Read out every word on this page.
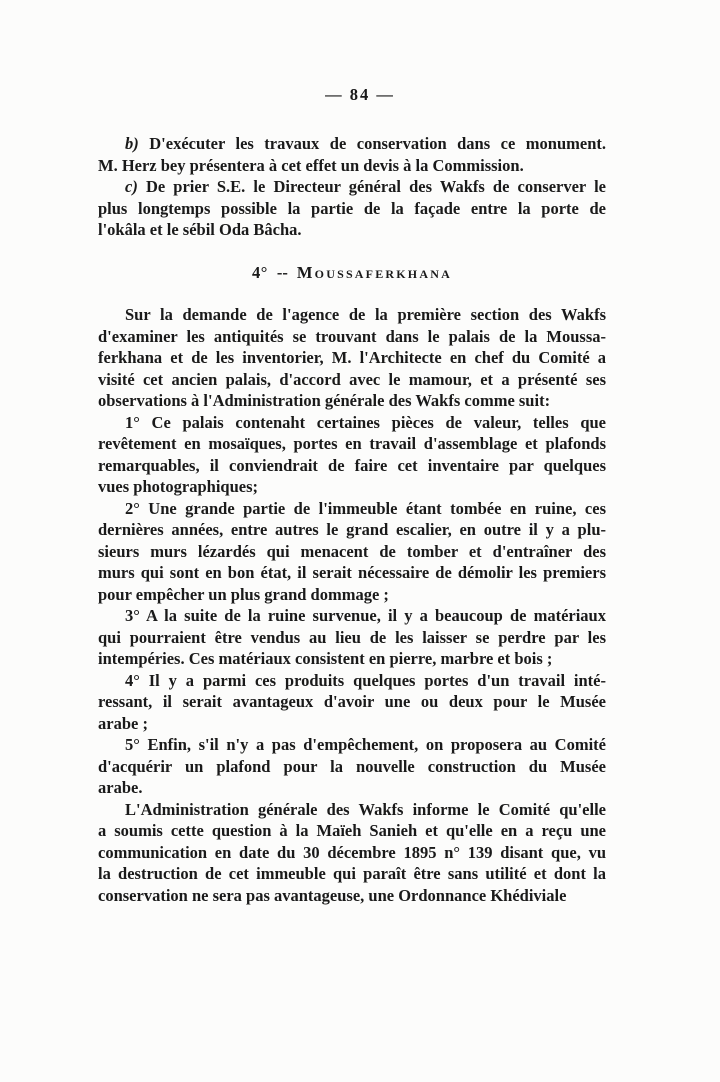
— 84 —
b) D'exécuter les travaux de conservation dans ce monument.
M. Herz bey présentera à cet effet un devis à la Commission.
c) De prier S.E. le Directeur général des Wakfs de conserver le
plus longtemps possible la partie de la façade entre la porte de
l'okâla et le sébil Oda Bâcha.
4° -- Moussaferkhana
Sur la demande de l'agence de la première section des Wakfs
d'examiner les antiquités se trouvant dans le palais de la Moussa-
ferkhana et de les inventorier, M. l'Architecte en chef du Comité a
visité cet ancien palais, d'accord avec le mamour, et a présenté ses
observations à l'Administration générale des Wakfs comme suit:
1° Ce palais contenaht certaines pièces de valeur, telles que
revêtement en mosaïques, portes en travail d'assemblage et plafonds
remarquables, il conviendrait de faire cet inventaire par quelques
vues photographiques;
2° Une grande partie de l'immeuble étant tombée en ruine, ces
dernières années, entre autres le grand escalier, en outre il y a plu-
sieurs murs lézardés qui menacent de tomber et d'entraîner des
murs qui sont en bon état, il serait nécessaire de démolir les premiers
pour empêcher un plus grand dommage ;
3° A la suite de la ruine survenue, il y a beaucoup de matériaux
qui pourraient être vendus au lieu de les laisser se perdre par les
intempéries. Ces matériaux consistent en pierre, marbre et bois ;
4° Il y a parmi ces produits quelques portes d'un travail inté-
ressant, il serait avantageux d'avoir une ou deux pour le Musée
arabe ;
5° Enfin, s'il n'y a pas d'empêchement, on proposera au Comité
d'acquérir un plafond pour la nouvelle construction du Musée
arabe.
L'Administration générale des Wakfs informe le Comité qu'elle
a soumis cette question à la Maïeh Sanieh et qu'elle en a reçu une
communication en date du 30 décembre 1895 n° 139 disant que, vu
la destruction de cet immeuble qui paraît être sans utilité et dont la
conservation ne sera pas avantageuse, une Ordonnance Khédiviale
